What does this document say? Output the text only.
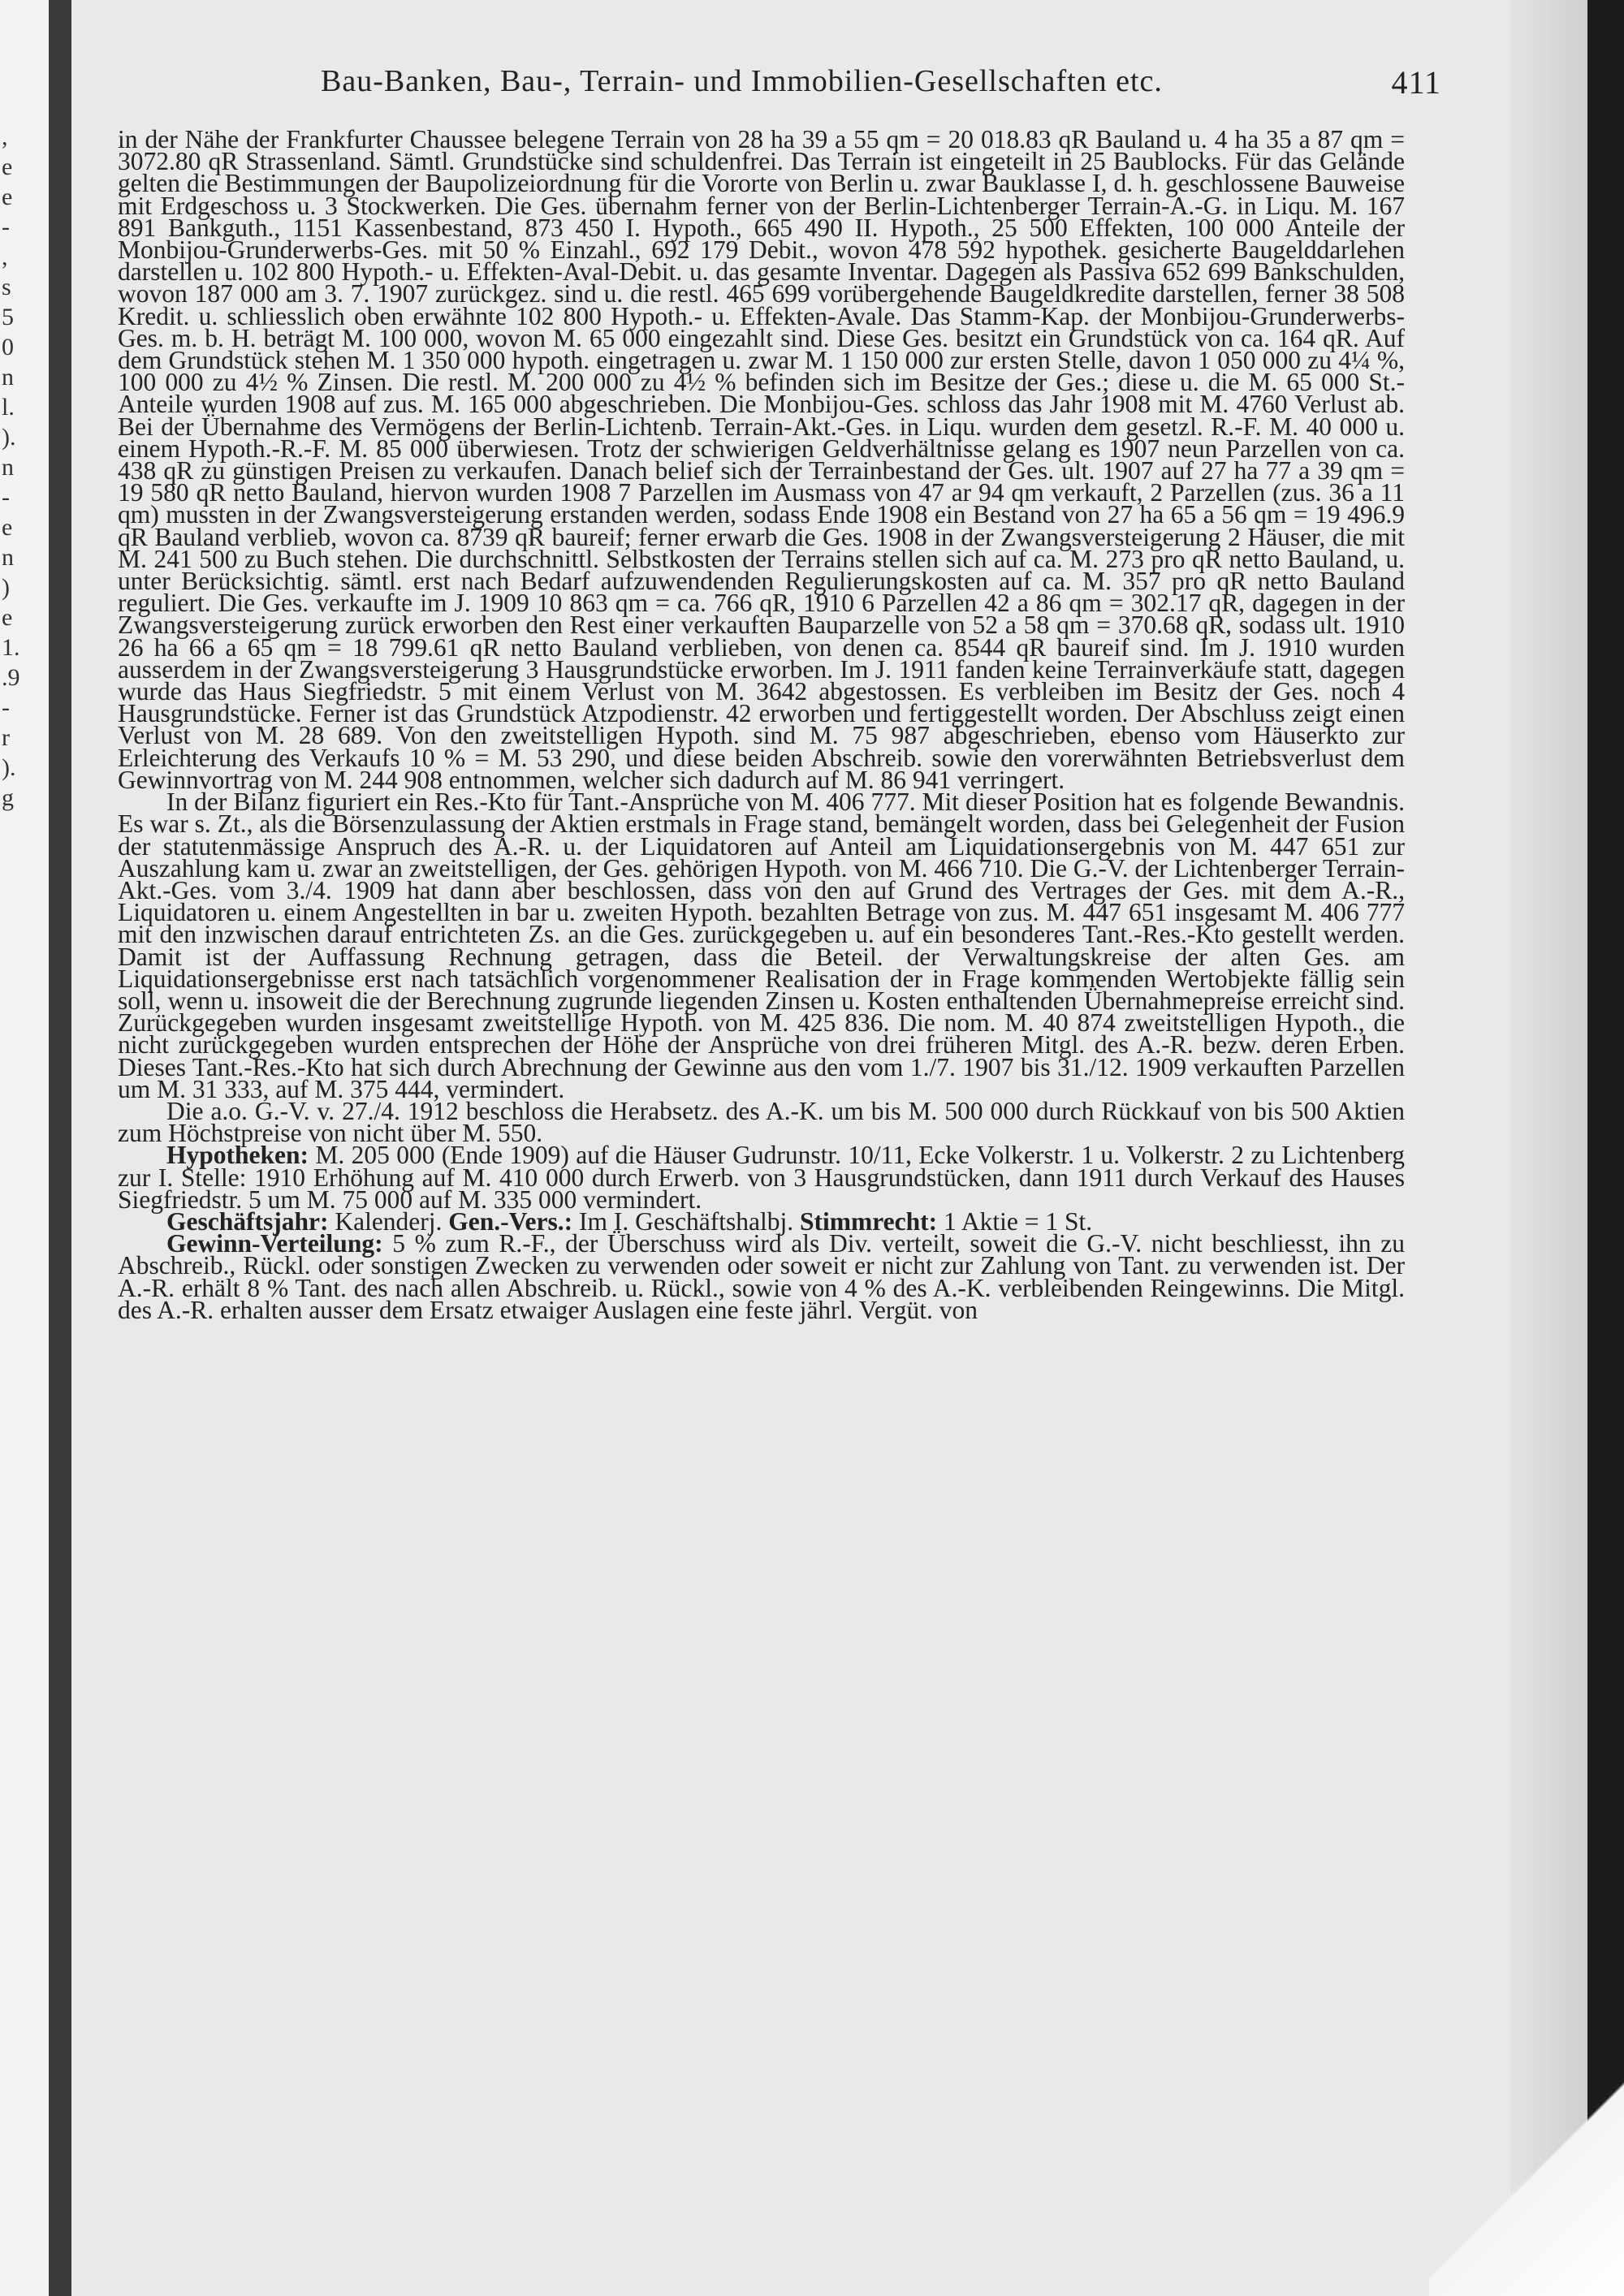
,
e
e
-
,
s
5
0
n
l.
).
n
-
e
n
)
e
1.
.9
-
r
).
g
Bau-Banken, Bau-, Terrain- und Immobilien-Gesellschaften etc.	411

in der Nähe der Frankfurter Chaussee belegene Terrain von 28 ha 39 a 55 qm = 20 018.83 qR Bauland u. 4 ha 35 a 87 qm = 3072.80 qR Strassenland. Sämtl. Grundstücke sind schuldenfrei. Das Terrain ist eingeteilt in 25 Baublocks. Für das Gelände gelten die Bestimmungen der Baupolizeiordnung für die Vororte von Berlin u. zwar Bauklasse I, d. h. geschlossene Bauweise mit Erdgeschoss u. 3 Stockwerken. Die Ges. übernahm ferner von der Berlin-Lichtenberger Terrain-A.-G. in Liqu. M. 167 891 Bankguth., 1151 Kassenbestand, 873 450 I. Hypoth., 665 490 II. Hypoth., 25 500 Effekten, 100 000 Anteile der Monbijou-Grunderwerbs-Ges. mit 50 % Einzahl., 692 179 Debit., wovon 478 592 hypothek. gesicherte Baugelddarlehen darstellen u. 102 800 Hypoth.- u. Effekten-Aval-Debit. u. das gesamte Inventar. Dagegen als Passiva 652 699 Bankschulden, wovon 187 000 am 3. 7. 1907 zurückgez. sind u. die restl. 465 699 vorübergehende Baugeldkredite darstellen, ferner 38 508 Kredit. u. schliesslich oben erwähnte 102 800 Hypoth.- u. Effekten-Avale. Das Stamm-Kap. der Monbijou-Grunderwerbs-Ges. m. b. H. beträgt M. 100 000, wovon M. 65 000 eingezahlt sind. Diese Ges. besitzt ein Grundstück von ca. 164 qR. Auf dem Grundstück stehen M. 1 350 000 hypoth. eingetragen u. zwar M. 1 150 000 zur ersten Stelle, davon 1 050 000 zu 4¼ %, 100 000 zu 4½ % Zinsen. Die restl. M. 200 000 zu 4½ % befinden sich im Besitze der Ges.; diese u. die M. 65 000 St.-Anteile wurden 1908 auf zus. M. 165 000 abgeschrieben. Die Monbijou-Ges. schloss das Jahr 1908 mit M. 4760 Verlust ab. Bei der Übernahme des Vermögens der Berlin-Lichtenb. Terrain-Akt.-Ges. in Liqu. wurden dem gesetzl. R.-F. M. 40 000 u. einem Hypoth.-R.-F. M. 85 000 überwiesen. Trotz der schwierigen Geldverhältnisse gelang es 1907 neun Parzellen von ca. 438 qR zu günstigen Preisen zu verkaufen. Danach belief sich der Terrainbestand der Ges. ult. 1907 auf 27 ha 77 a 39 qm = 19 580 qR netto Bauland, hiervon wurden 1908 7 Parzellen im Ausmass von 47 ar 94 qm verkauft, 2 Parzellen (zus. 36 a 11 qm) mussten in der Zwangsversteigerung erstanden werden, sodass Ende 1908 ein Bestand von 27 ha 65 a 56 qm = 19 496.9 qR Bauland verblieb, wovon ca. 8739 qR baureif; ferner erwarb die Ges. 1908 in der Zwangsversteigerung 2 Häuser, die mit M. 241 500 zu Buch stehen. Die durchschnittl. Selbstkosten der Terrains stellen sich auf ca. M. 273 pro qR netto Bauland, u. unter Berücksichtig. sämtl. erst nach Bedarf aufzuwendenden Regulierungskosten auf ca. M. 357 pro qR netto Bauland reguliert. Die Ges. verkaufte im J. 1909 10 863 qm = ca. 766 qR, 1910 6 Parzellen 42 a 86 qm = 302.17 qR, dagegen in der Zwangsversteigerung zurück erworben den Rest einer verkauften Bauparzelle von 52 a 58 qm = 370.68 qR, sodass ult. 1910 26 ha 66 a 65 qm = 18 799.61 qR netto Bauland verblieben, von denen ca. 8544 qR baureif sind. Im J. 1910 wurden ausserdem in der Zwangsversteigerung 3 Hausgrundstücke erworben. Im J. 1911 fanden keine Terrainverkäufe statt, dagegen wurde das Haus Siegfriedstr. 5 mit einem Verlust von M. 3642 abgestossen. Es verbleiben im Besitz der Ges. noch 4 Hausgrundstücke. Ferner ist das Grundstück Atzpodienstr. 42 erworben und fertiggestellt worden. Der Abschluss zeigt einen Verlust von M. 28 689. Von den zweitstelligen Hypoth. sind M. 75 987 abgeschrieben, ebenso vom Häuserkto zur Erleichterung des Verkaufs 10 % = M. 53 290, und diese beiden Abschreib. sowie den vorerwähnten Betriebsverlust dem Gewinnvortrag von M. 244 908 entnommen, welcher sich dadurch auf M. 86 941 verringert.

In der Bilanz figuriert ein Res.-Kto für Tant.-Ansprüche von M. 406 777. Mit dieser Position hat es folgende Bewandnis. Es war s. Zt., als die Börsenzulassung der Aktien erstmals in Frage stand, bemängelt worden, dass bei Gelegenheit der Fusion der statutenmässige Anspruch des A.-R. u. der Liquidatoren auf Anteil am Liquidationsergebnis von M. 447 651 zur Auszahlung kam u. zwar an zweitstelligen, der Ges. gehörigen Hypoth. von M. 466 710. Die G.-V. der Lichtenberger Terrain-Akt.-Ges. vom 3./4. 1909 hat dann aber beschlossen, dass von den auf Grund des Vertrages der Ges. mit dem A.-R., Liquidatoren u. einem Angestellten in bar u. zweiten Hypoth. bezahlten Betrage von zus. M. 447 651 insgesamt M. 406 777 mit den inzwischen darauf entrichteten Zs. an die Ges. zurückgegeben u. auf ein besonderes Tant.-Res.-Kto gestellt werden. Damit ist der Auffassung Rechnung getragen, dass die Beteil. der Verwaltungskreise der alten Ges. am Liquidationsergebnisse erst nach tatsächlich vorgenommener Realisation der in Frage kommenden Wertobjekte fällig sein soll, wenn u. insoweit die der Berechnung zugrunde liegenden Zinsen u. Kosten enthaltenden Übernahmepreise erreicht sind. Zurückgegeben wurden insgesamt zweitstellige Hypoth. von M. 425 836. Die nom. M. 40 874 zweitstelligen Hypoth., die nicht zurückgegeben wurden entsprechen der Höhe der Ansprüche von drei früheren Mitgl. des A.-R. bezw. deren Erben. Dieses Tant.-Res.-Kto hat sich durch Abrechnung der Gewinne aus den vom 1./7. 1907 bis 31./12. 1909 verkauften Parzellen um M. 31 333, auf M. 375 444, vermindert.

Die a.o. G.-V. v. 27./4. 1912 beschloss die Herabsetz. des A.-K. um bis M. 500 000 durch Rückkauf von bis 500 Aktien zum Höchstpreise von nicht über M. 550.

Hypotheken: M. 205 000 (Ende 1909) auf die Häuser Gudrunstr. 10/11, Ecke Volkerstr. 1 u. Volkerstr. 2 zu Lichtenberg zur I. Stelle: 1910 Erhöhung auf M. 410 000 durch Erwerb. von 3 Hausgrundstücken, dann 1911 durch Verkauf des Hauses Siegfriedstr. 5 um M. 75 000 auf M. 335 000 vermindert.

Geschäftsjahr: Kalenderj. Gen.-Vers.: Im I. Geschäftshalbj. Stimmrecht: 1 Aktie = 1 St.

Gewinn-Verteilung: 5 % zum R.-F., der Überschuss wird als Div. verteilt, soweit die G.-V. nicht beschliesst, ihn zu Abschreib., Rückl. oder sonstigen Zwecken zu verwenden oder soweit er nicht zur Zahlung von Tant. zu verwenden ist. Der A.-R. erhält 8 % Tant. des nach allen Abschreib. u. Rückl., sowie von 4 % des A.-K. verbleibenden Reingewinns. Die Mitgl. des A.-R. erhalten ausser dem Ersatz etwaiger Auslagen eine feste jährl. Vergüt. von
